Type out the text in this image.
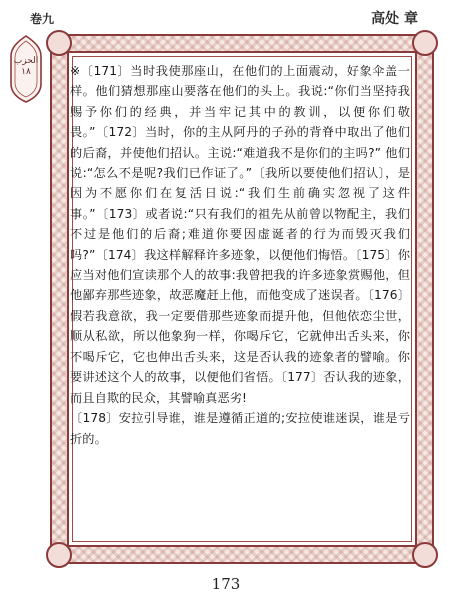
卷九	高处 章
الحزب
١٨	※〔171〕当时我使那座山，在他们的上面震动，好象伞盖一样。他们猜想那座山要落在他们的头上。我说:“你们当坚持我赐予你们的经典，并当牢记其中的教训，以便你们敬畏。”〔172〕当时，你的主从阿丹的子孙的背脊中取出了他们的后裔，并使他们招认。主说:“难道我不是你们的主吗?” 他们说:“怎么不是呢?我们已作证了。”〔我所以要使他们招认〕，是因为不愿你们在复活日说:“我们生前确实忽视了这件事。”〔173〕或者说:“只有我们的祖先从前曾以物配主，我们不过是他们的后裔;难道你要因虚诞者的行为而毁灭我们吗?”〔174〕我这样解释许多迹象，以便他们悔悟。〔175〕你应当对他们宣读那个人的故事:我曾把我的许多迹象赏赐他，但他鄙弃那些迹象，故恶魔赶上他，而他变成了迷误者。〔176〕假若我意欲，我一定要借那些迹象而提升他，但他依恋尘世，顺从私欲，所以他象狗一样，你喝斥它，它就伸出舌头来，你不喝斥它，它也伸出舌头来，这是否认我的迹象者的譬喻。你要讲述这个人的故事，以便他们省悟。〔177〕否认我的迹象，而且自欺的民众，其譬喻真恶劣!

〔178〕安拉引导谁，谁是遵循正道的;安拉使谁迷误，谁是亏折的。

173
